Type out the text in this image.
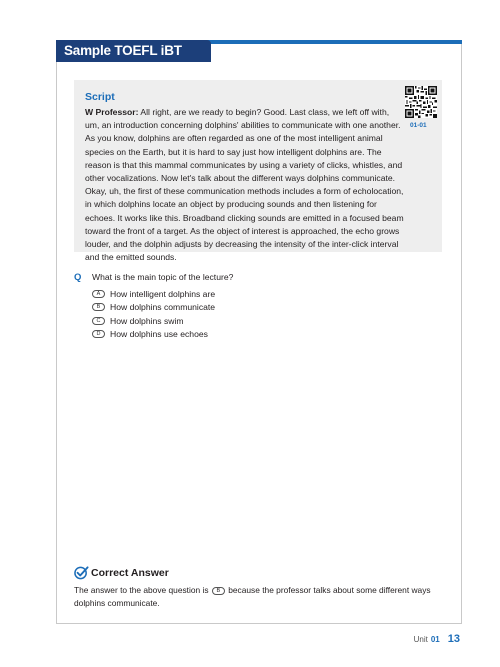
Sample TOEFL iBT Question
Script
01-01
W Professor: All right, are we ready to begin? Good. Last class, we left off with, um, an introduction concerning dolphins' abilities to communicate with one another. As you know, dolphins are often regarded as one of the most intelligent animal species on the Earth, but it is hard to say just how intelligent dolphins are. The reason is that this mammal communicates by using a variety of clicks, whistles, and other vocalizations. Now let's talk about the different ways dolphins communicate. Okay, uh, the first of these communication methods includes a form of echolocation, in which dolphins locate an object by producing sounds and then listening for echoes. It works like this. Broadband clicking sounds are emitted in a focused beam toward the front of a target. As the object of interest is approached, the echo grows louder, and the dolphin adjusts by decreasing the intensity of the inter-click interval and the emitted sounds.
Q What is the main topic of the lecture?
A	How intelligent dolphins are
B	How dolphins communicate
C	How dolphins swim
D	How dolphins use echoes
Correct Answer
The answer to the above question is B because the professor talks about some different ways dolphins communicate.
Unit 01 13
